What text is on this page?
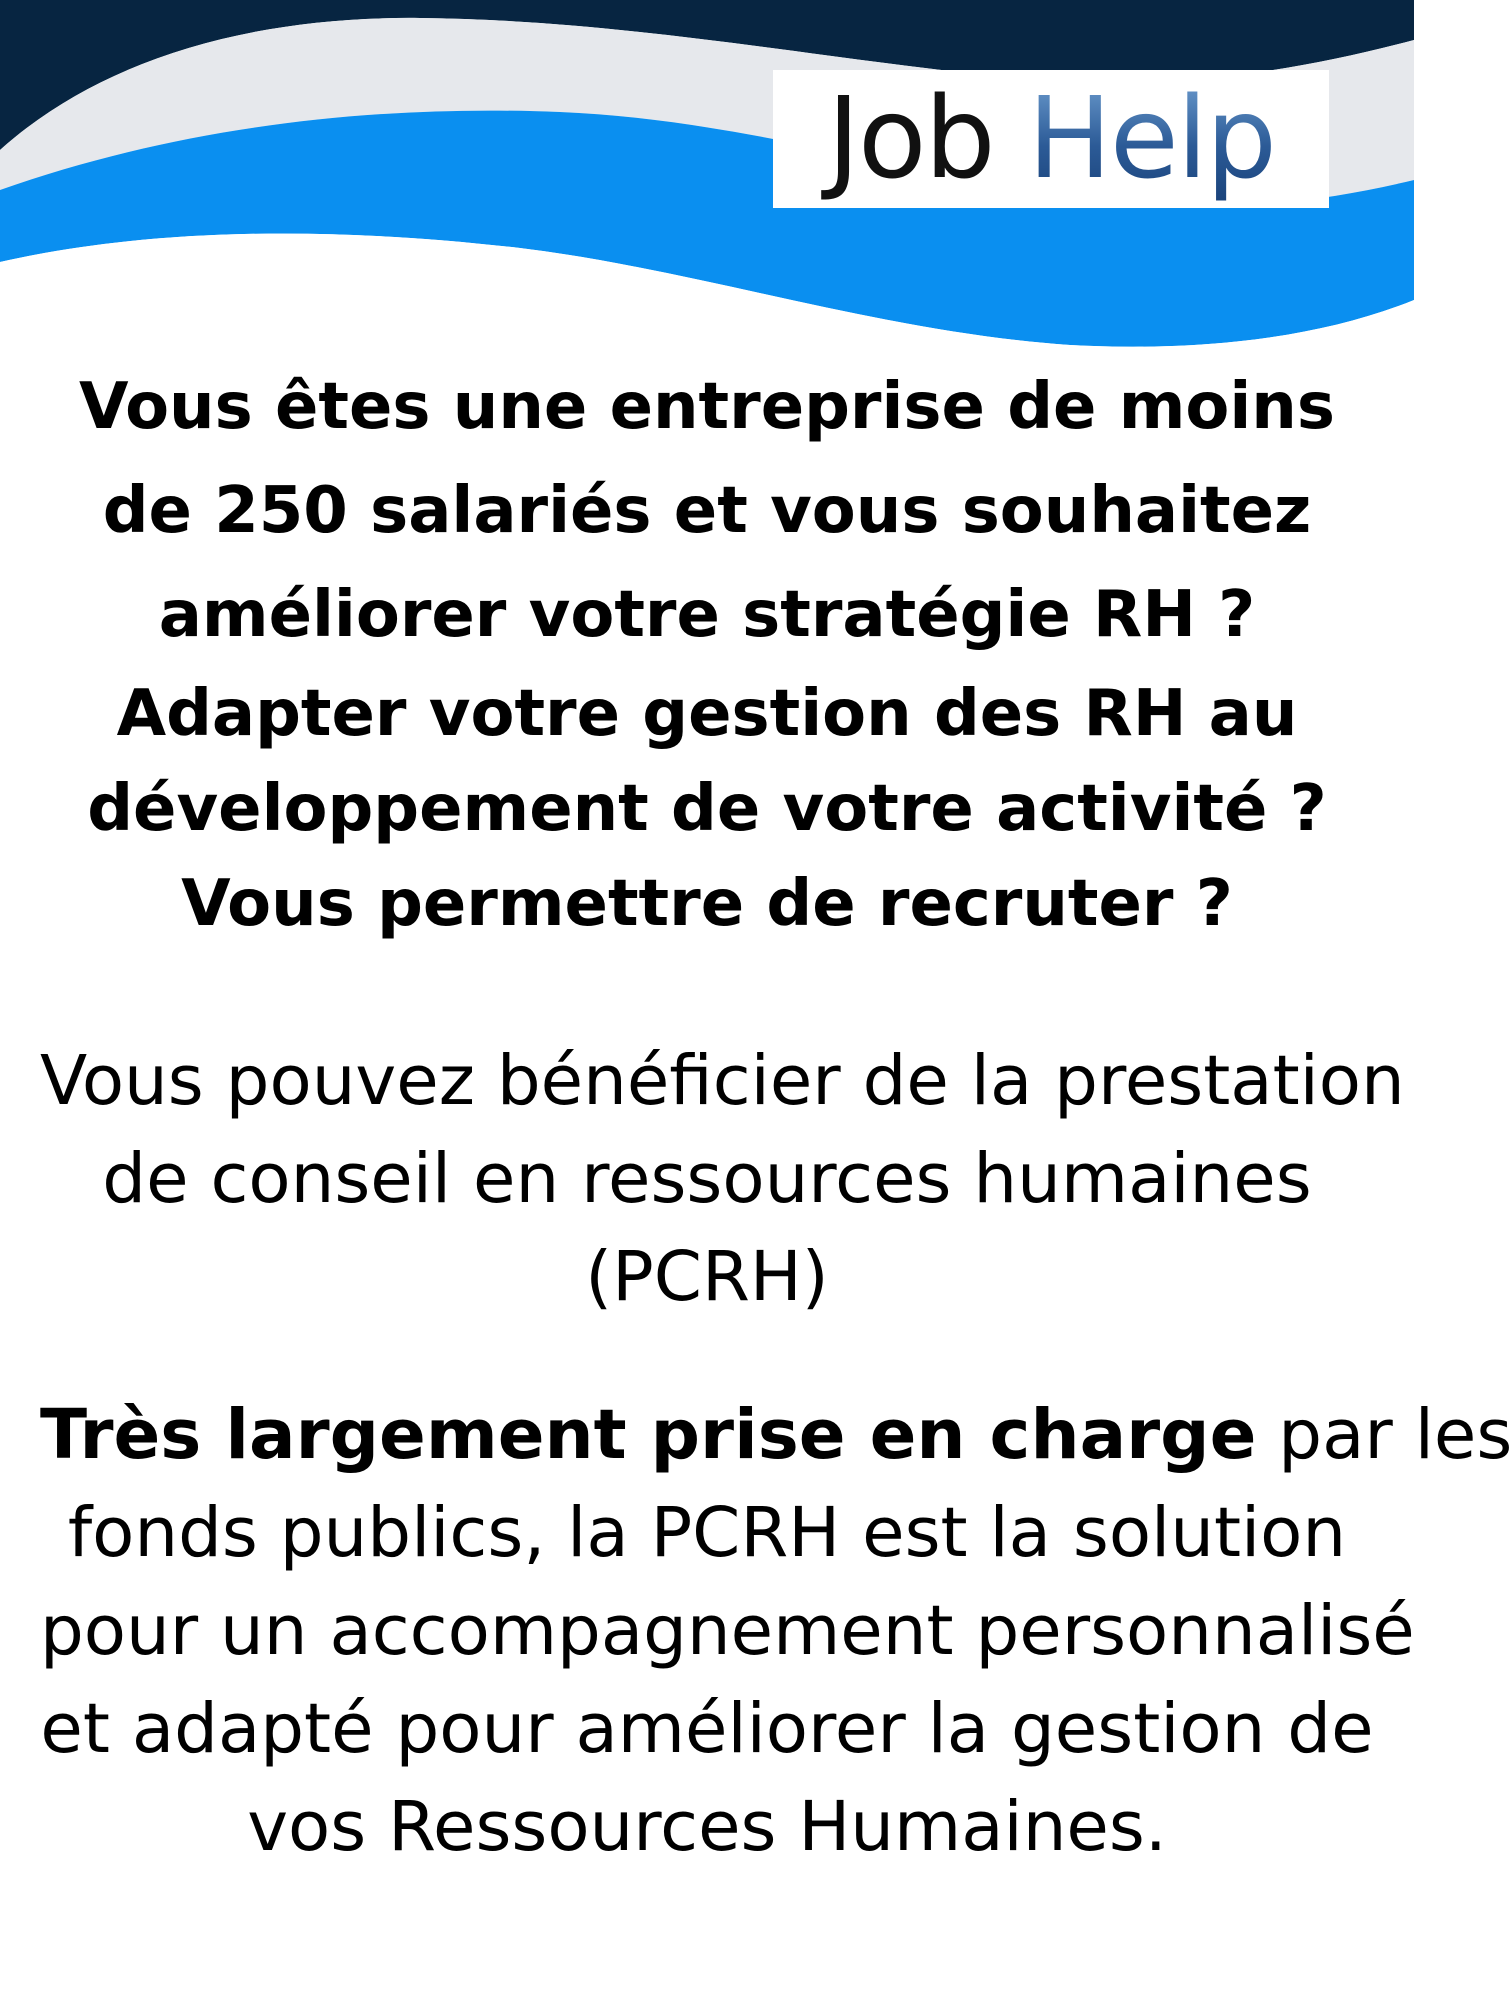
Job Help
Vous êtes une entreprise de moins
de 250 salariés et vous souhaitez
améliorer votre stratégie RH ?
Adapter votre gestion des RH au
développement de votre activité ?
Vous permettre de recruter ?
Vous pouvez bénéficier de la prestation
de conseil en ressources humaines
(PCRH)
Très largement prise en charge par les
fonds publics, la PCRH est la solution
pour un accompagnement personnalisé
et adapté pour améliorer la gestion de
vos Ressources Humaines.
